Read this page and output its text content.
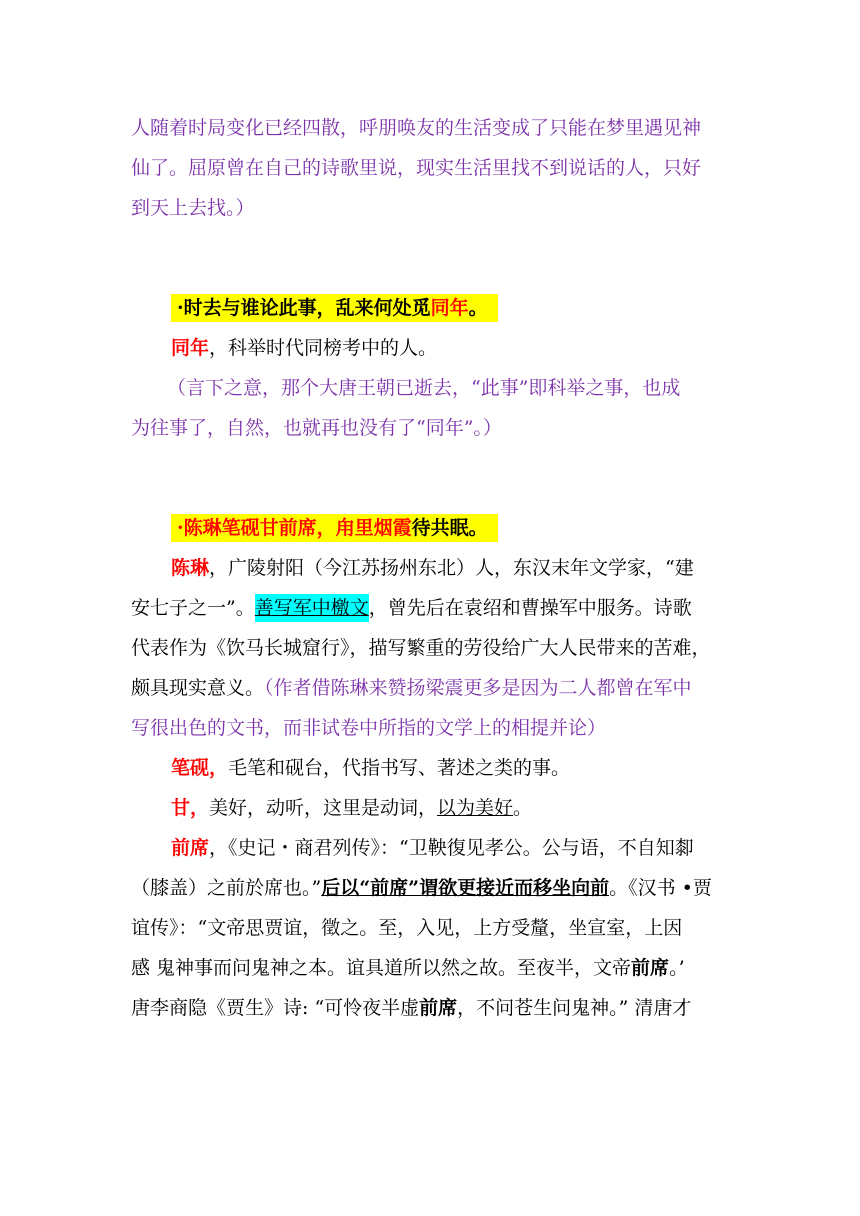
人随着时局变化已经四散，呼朋唤友的生活变成了只能在梦里遇见神
仙了。屈原曾在自己的诗歌里说，现实生活里找不到说话的人，只好
到天上去找。）
·时去与谁论此事，乱来何处觅同年。
同年，科举时代同榜考中的人。
（言下之意，那个大唐王朝已逝去，“此事”即科举之事，也成
为往事了，自然，也就再也没有了“同年”。）
·陈琳笔砚甘前席，甪里烟霞待共眠。
陈琳，广陵射阳（今江苏扬州东北）人，东汉末年文学家，“建
安七子之一”。善写军中檄文，曾先后在袁绍和曹操军中服务。诗歌
代表作为《饮马长城窟行》，描写繁重的劳役给广大人民带来的苦难，
颇具现实意义。（作者借陈琳来赞扬梁震更多是因为二人都曾在军中
写很出色的文书，而非试卷中所指的文学上的相提并论）
笔砚，毛笔和砚台，代指书写、著述之类的事。
甘，美好，动听，这里是动词，以为美好。
前席，《史记・商君列传》：“卫鞅復见孝公。公与语，不自知厀
（膝盖）之前於席也。”后以“前席”谓欲更接近而移坐向前。《汉书 •贾
谊传》：“文帝思贾谊，徵之。至，入见，上方受釐，坐宣室，上因
感 鬼神事而问鬼神之本。谊具道所以然之故。至夜半，文帝前席。’
唐李商隐《贾生》诗: “可怜夜半虚前席，不问苍生问鬼神。” 清唐才
